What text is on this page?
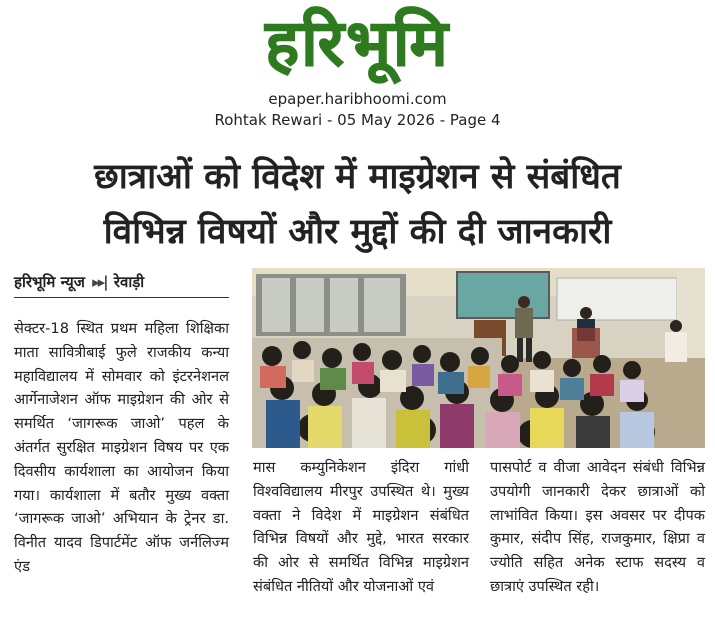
हरिभूमि
epaper.haribhoomi.com
Rohtak Rewari - 05 May 2026 - Page 4
छात्राओं को विदेश में माइग्रेशन से संबंधित
विभिन्न विषयों और मुद्दों की दी जानकारी
हरिभूमि न्यूज ▸▸| रेवाड़ी
सेक्टर-18 स्थित प्रथम महिला शिक्षिका माता सावित्रीबाई फुले राजकीय कन्या महाविद्यालय में सोमवार को इंटरनेशनल आर्गेनाजेशन ऑफ माइग्रेशन की ओर से समर्थित ‘जागरूक जाओ’ पहल के अंतर्गत सुरक्षित माइग्रेशन विषय पर एक दिवसीय कार्यशाला का आयोजन किया गया। कार्यशाला में बतौर मुख्य वक्ता ‘जागरूक जाओ’ अभियान के ट्रेनर डा. विनीत यादव डिपार्टमेंट ऑफ जर्नलिज्म एंड
मास कम्युनिकेशन इंदिरा गांधी विश्वविद्यालय मीरपुर उपस्थित थे। मुख्य वक्ता ने विदेश में माइग्रेशन संबंधित विभिन्न विषयों और मुद्दे, भारत सरकार की ओर से समर्थित विभिन्न माइग्रेशन संबंधित नीतियों और योजनाओं एवं
पासपोर्ट व वीजा आवेदन संबंधी विभिन्न उपयोगी जानकारी देकर छात्राओं को लाभांवित किया। इस अवसर पर दीपक कुमार, संदीप सिंह, राजकुमार, क्षिप्रा व ज्योति सहित अनेक स्टाफ सदस्य व छात्राएं उपस्थित रही।
